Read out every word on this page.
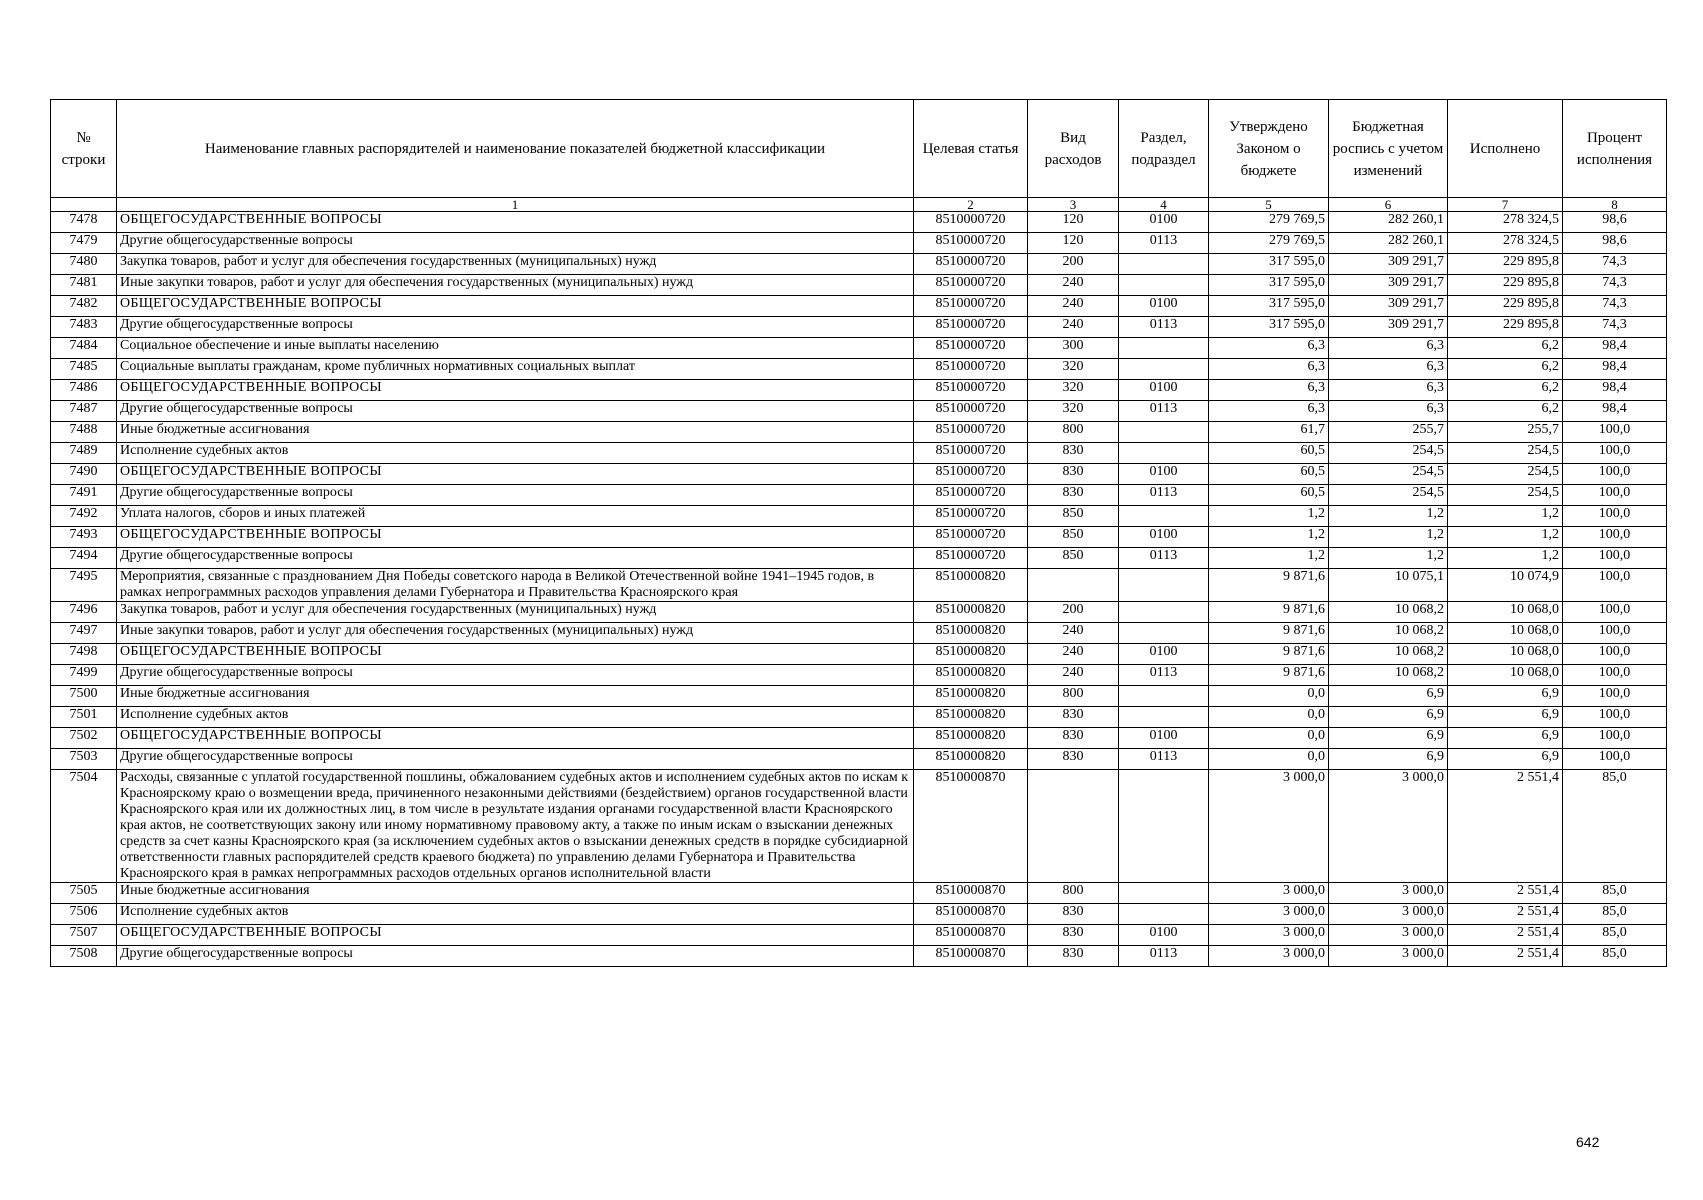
№ строки	Наименование главных распорядителей и наименование показателей бюджетной классификации	Целевая статья	Вид расходов	Раздел, подраздел	Утверждено Законом о бюджете	Бюджетная роспись с учетом изменений	Исполнено	Процент исполнения
	1	2	3	4	5	6	7	8
7478	ОБЩЕГОСУДАРСТВЕННЫЕ ВОПРОСЫ	8510000720	120	0100	279 769,5	282 260,1	278 324,5	98,6
7479	Другие общегосударственные вопросы	8510000720	120	0113	279 769,5	282 260,1	278 324,5	98,6
7480	Закупка товаров, работ и услуг для обеспечения государственных (муниципальных) нужд	8510000720	200		317 595,0	309 291,7	229 895,8	74,3
7481	Иные закупки товаров, работ и услуг для обеспечения государственных (муниципальных) нужд	8510000720	240		317 595,0	309 291,7	229 895,8	74,3
7482	ОБЩЕГОСУДАРСТВЕННЫЕ ВОПРОСЫ	8510000720	240	0100	317 595,0	309 291,7	229 895,8	74,3
7483	Другие общегосударственные вопросы	8510000720	240	0113	317 595,0	309 291,7	229 895,8	74,3
7484	Социальное обеспечение и иные выплаты населению	8510000720	300		6,3	6,3	6,2	98,4
7485	Социальные выплаты гражданам, кроме публичных нормативных социальных выплат	8510000720	320		6,3	6,3	6,2	98,4
7486	ОБЩЕГОСУДАРСТВЕННЫЕ ВОПРОСЫ	8510000720	320	0100	6,3	6,3	6,2	98,4
7487	Другие общегосударственные вопросы	8510000720	320	0113	6,3	6,3	6,2	98,4
7488	Иные бюджетные ассигнования	8510000720	800		61,7	255,7	255,7	100,0
7489	Исполнение судебных актов	8510000720	830		60,5	254,5	254,5	100,0
7490	ОБЩЕГОСУДАРСТВЕННЫЕ ВОПРОСЫ	8510000720	830	0100	60,5	254,5	254,5	100,0
7491	Другие общегосударственные вопросы	8510000720	830	0113	60,5	254,5	254,5	100,0
7492	Уплата налогов, сборов и иных платежей	8510000720	850		1,2	1,2	1,2	100,0
7493	ОБЩЕГОСУДАРСТВЕННЫЕ ВОПРОСЫ	8510000720	850	0100	1,2	1,2	1,2	100,0
7494	Другие общегосударственные вопросы	8510000720	850	0113	1,2	1,2	1,2	100,0
7495	Мероприятия, связанные с празднованием Дня Победы советского народа в Великой Отечественной войне 1941–1945 годов, в рамках непрограммных расходов управления делами Губернатора и Правительства Красноярского края	8510000820			9 871,6	10 075,1	10 074,9	100,0
7496	Закупка товаров, работ и услуг для обеспечения государственных (муниципальных) нужд	8510000820	200		9 871,6	10 068,2	10 068,0	100,0
7497	Иные закупки товаров, работ и услуг для обеспечения государственных (муниципальных) нужд	8510000820	240		9 871,6	10 068,2	10 068,0	100,0
7498	ОБЩЕГОСУДАРСТВЕННЫЕ ВОПРОСЫ	8510000820	240	0100	9 871,6	10 068,2	10 068,0	100,0
7499	Другие общегосударственные вопросы	8510000820	240	0113	9 871,6	10 068,2	10 068,0	100,0
7500	Иные бюджетные ассигнования	8510000820	800		0,0	6,9	6,9	100,0
7501	Исполнение судебных актов	8510000820	830		0,0	6,9	6,9	100,0
7502	ОБЩЕГОСУДАРСТВЕННЫЕ ВОПРОСЫ	8510000820	830	0100	0,0	6,9	6,9	100,0
7503	Другие общегосударственные вопросы	8510000820	830	0113	0,0	6,9	6,9	100,0
7504	Расходы, связанные с уплатой государственной пошлины, обжалованием судебных актов и исполнением судебных актов по искам к Красноярскому краю о возмещении вреда, причиненного незаконными действиями (бездействием) органов государственной власти Красноярского края или их должностных лиц, в том числе в результате издания органами государственной власти Красноярского края актов, не соответствующих закону или иному нормативному правовому акту, а также по иным искам о взыскании денежных средств за счет казны Красноярского края (за исключением судебных актов о взыскании денежных средств в порядке субсидиарной ответственности главных распорядителей средств краевого бюджета) по управлению делами Губернатора и Правительства Красноярского края в рамках непрограммных расходов отдельных органов исполнительной власти	8510000870			3 000,0	3 000,0	2 551,4	85,0
7505	Иные бюджетные ассигнования	8510000870	800		3 000,0	3 000,0	2 551,4	85,0
7506	Исполнение судебных актов	8510000870	830		3 000,0	3 000,0	2 551,4	85,0
7507	ОБЩЕГОСУДАРСТВЕННЫЕ ВОПРОСЫ	8510000870	830	0100	3 000,0	3 000,0	2 551,4	85,0
7508	Другие общегосударственные вопросы	8510000870	830	0113	3 000,0	3 000,0	2 551,4	85,0
642
